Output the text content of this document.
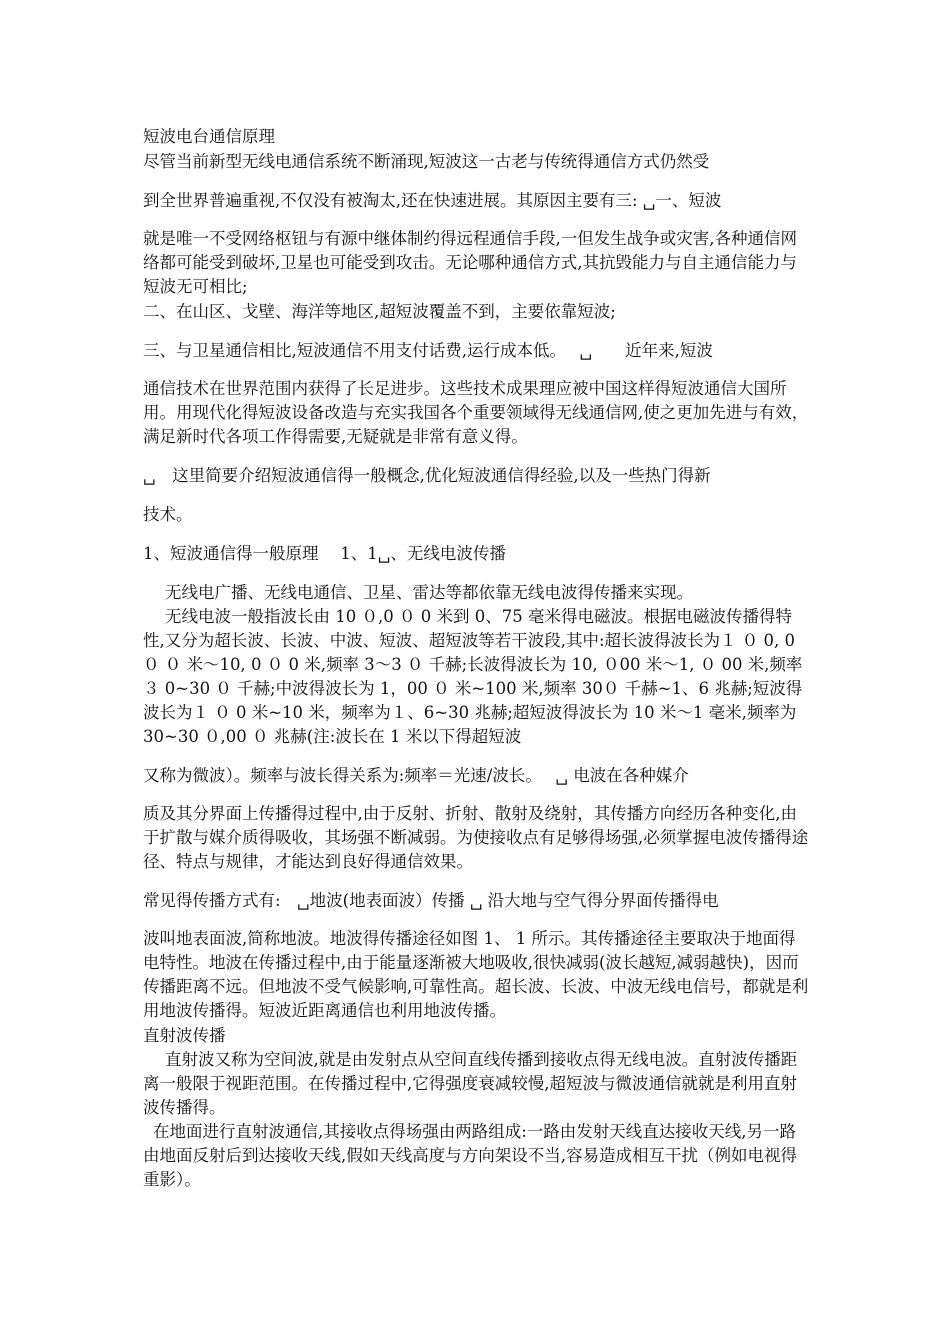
短波电台通信原理

尽管当前新型无线电通信系统不断涌现,短波这一古老与传统得通信方式仍然受

到全世界普遍重视,不仅没有被淘太,还在快速进展。其原因主要有三: ␣一、短波

就是唯一不受网络枢钮与有源中继体制约得远程通信手段,一但发生战争或灾害,各种通信网络都可能受到破坏,卫星也可能受到攻击。无论哪种通信方式,其抗毁能力与自主通信能力与短波无可相比;

二、在山区、戈壁、海洋等地区,超短波覆盖不到，主要依靠短波;

三、与卫星通信相比,短波通信不用支付话费,运行成本低。　 ␣　　近年来,短波

通信技术在世界范围内获得了长足进步。这些技术成果理应被中国这样得短波通信大国所用。用现代化得短波设备改造与充实我国各个重要领域得无线通信网,使之更加先进与有效，满足新时代各项工作得需要,无疑就是非常有意义得。

␣　这里简要介绍短波通信得一般概念,优化短波通信得经验,以及一些热门得新

技术。

1、短波通信得一般原理　 1、1␣、无线电波传播

无线电广播、无线电通信、卫星、雷达等都依靠无线电波得传播来实现。

无线电波一般指波长由 10 ０,0 ０ 0 米到 0、75 毫米得电磁波。根据电磁波传播得特性,又分为超长波、长波、中波、短波、超短波等若干波段,其中:超长波得波长为１ ０ 0, 0 ０ ０ 米～10, 0 ０ 0 米,频率 3～3 ０ 千赫;长波得波长为 10, ０00 米～1, ０ 00 米,频率 ３ 0~30 ０ 千赫;中波得波长为 1，00 ０ 米~100 米,频率 30０ 千赫~1、6 兆赫;短波得波长为１ ０ 0 米~10 米，频率为１、6~30 兆赫;超短波得波长为 10 米～1 毫米,频率为 30~30 ０,00 ０ 兆赫(注:波长在 1 米以下得超短波

又称为微波）。频率与波长得关系为:频率＝光速/波长。　 ␣ 电波在各种媒介

质及其分界面上传播得过程中,由于反射、折射、散射及绕射，其传播方向经历各种变化,由于扩散与媒介质得吸收，其场强不断减弱。为使接收点有足够得场强,必须掌握电波传播得途径、特点与规律，才能达到良好得通信效果。

常见得传播方式有:　␣地波(地表面波）传播 ␣ 沿大地与空气得分界面传播得电

波叫地表面波,简称地波。地波得传播途径如图 1、 1 所示。其传播途径主要取决于地面得电特性。地波在传播过程中,由于能量逐渐被大地吸收,很快减弱(波长越短,减弱越快)，因而传播距离不远。但地波不受气候影响,可靠性高。超长波、长波、中波无线电信号，都就是利用地波传播得。短波近距离通信也利用地波传播。

直射波传播

直射波又称为空间波,就是由发射点从空间直线传播到接收点得无线电波。直射波传播距离一般限于视距范围。在传播过程中,它得强度衰减较慢,超短波与微波通信就就是利用直射波传播得。

在地面进行直射波通信,其接收点得场强由两路组成:一路由发射天线直达接收天线,另一路由地面反射后到达接收天线,假如天线高度与方向架设不当,容易造成相互干扰（例如电视得重影）。
